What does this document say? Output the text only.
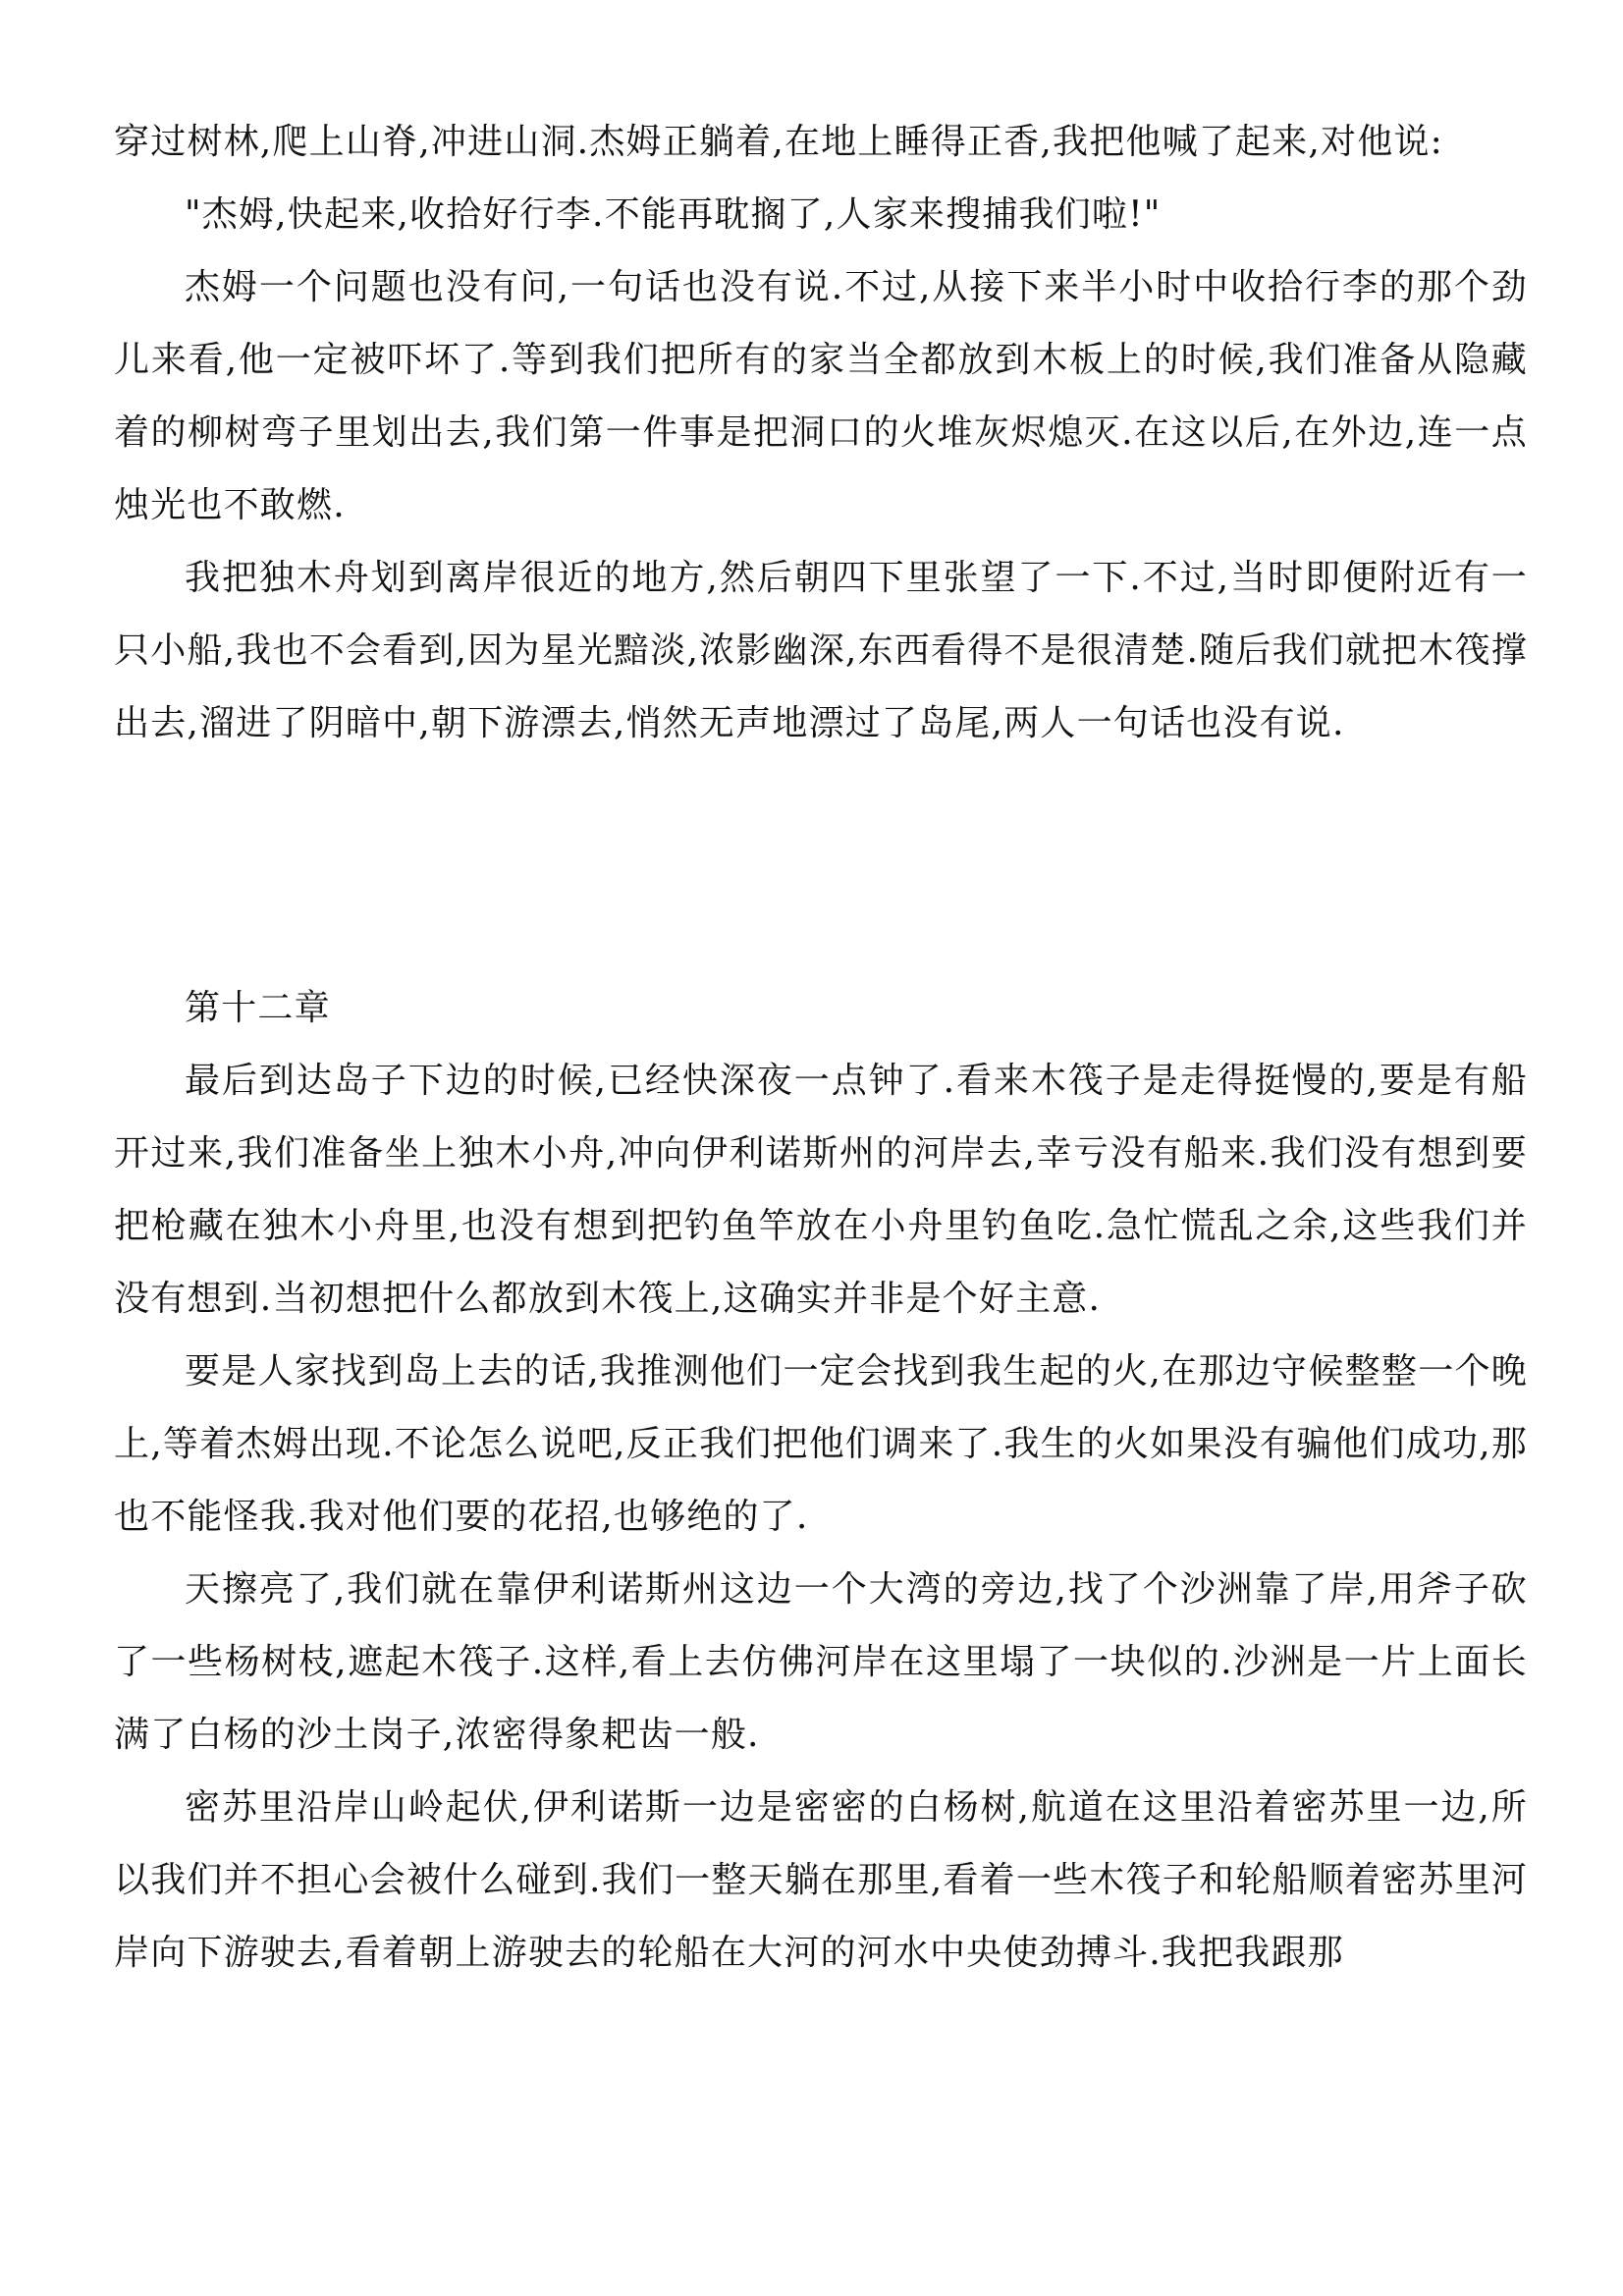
穿过树林,爬上山脊,冲进山洞.杰姆正躺着,在地上睡得正香,我把他喊了起来,对他说:

"杰姆,快起来,收拾好行李.不能再耽搁了,人家来搜捕我们啦!"

杰姆一个问题也没有问,一句话也没有说.不过,从接下来半小时中收拾行李的那个劲儿来看,他一定被吓坏了.等到我们把所有的家当全都放到木板上的时候,我们准备从隐藏着的柳树弯子里划出去,我们第一件事是把洞口的火堆灰烬熄灭.在这以后,在外边,连一点烛光也不敢燃.

我把独木舟划到离岸很近的地方,然后朝四下里张望了一下.不过,当时即便附近有一只小船,我也不会看到,因为星光黯淡,浓影幽深,东西看得不是很清楚.随后我们就把木筏撑出去,溜进了阴暗中,朝下游漂去,悄然无声地漂过了岛尾,两人一句话也没有说.

第十二章

最后到达岛子下边的时候,已经快深夜一点钟了.看来木筏子是走得挺慢的,要是有船开过来,我们准备坐上独木小舟,冲向伊利诺斯州的河岸去,幸亏没有船来.我们没有想到要把枪藏在独木小舟里,也没有想到把钓鱼竿放在小舟里钓鱼吃.急忙慌乱之余,这些我们并没有想到.当初想把什么都放到木筏上,这确实并非是个好主意.

要是人家找到岛上去的话,我推测他们一定会找到我生起的火,在那边守候整整一个晚上,等着杰姆出现.不论怎么说吧,反正我们把他们调来了.我生的火如果没有骗他们成功,那也不能怪我.我对他们要的花招,也够绝的了.

天擦亮了,我们就在靠伊利诺斯州这边一个大湾的旁边,找了个沙洲靠了岸,用斧子砍了一些杨树枝,遮起木筏子.这样,看上去仿佛河岸在这里塌了一块似的.沙洲是一片上面长满了白杨的沙土岗子,浓密得象耙齿一般.

密苏里沿岸山岭起伏,伊利诺斯一边是密密的白杨树,航道在这里沿着密苏里一边,所以我们并不担心会被什么碰到.我们一整天躺在那里,看着一些木筏子和轮船顺着密苏里河岸向下游驶去,看着朝上游驶去的轮船在大河的河水中央使劲搏斗.我把我跟那
